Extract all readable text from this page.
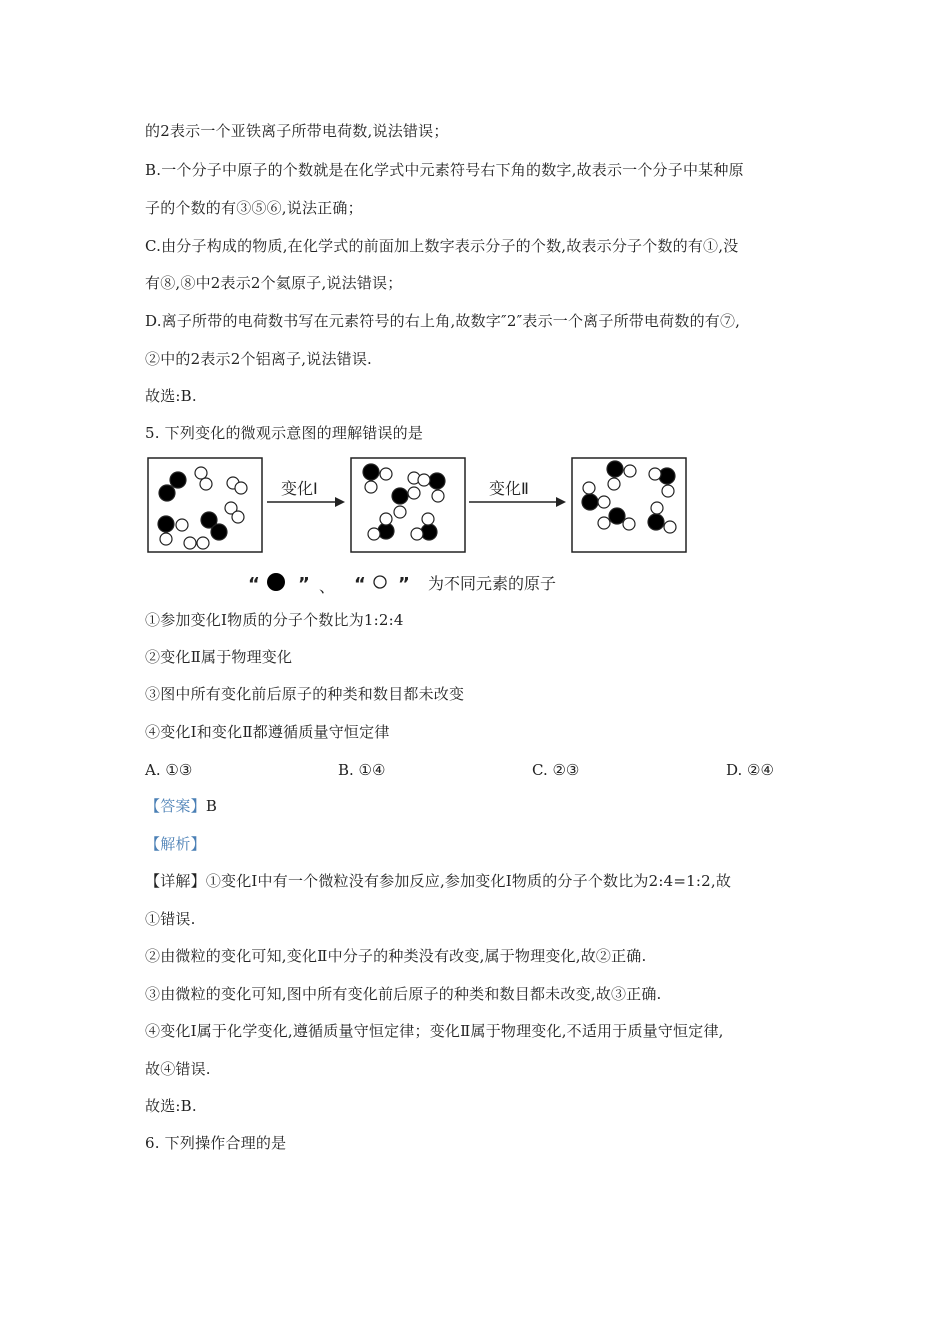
的2表示一个亚铁离子所带电荷数,说法错误；
B.一个分子中原子的个数就是在化学式中元素符号右下角的数字,故表示一个分子中某种原
子的个数的有③⑤⑥,说法正确；
C.由分子构成的物质,在化学式的前面加上数字表示分子的个数,故表示分子个数的有①,没
有⑧,⑧中2表示2个氦原子,说法错误；
D.离子所带的电荷数书写在元素符号的右上角,故数字″2″表示一个离子所带电荷数的有⑦,
②中的2表示2个铝离子,说法错误.
故选:B.
5. 下列变化的微观示意图的理解错误的是
变化Ⅰ	变化Ⅱ
“ ” 、 “ ” 为不同元素的原子
①参加变化Ⅰ物质的分子个数比为1:2:4
②变化Ⅱ属于物理变化
③图中所有变化前后原子的种类和数目都未改变
④变化Ⅰ和变化Ⅱ都遵循质量守恒定律
A. ①③	B. ①④	C. ②③	D. ②④
【答案】B
【解析】
【详解】①变化Ⅰ中有一个微粒没有参加反应,参加变化Ⅰ物质的分子个数比为2:4=1:2,故
①错误.
②由微粒的变化可知,变化Ⅱ中分子的种类没有改变,属于物理变化,故②正确.
③由微粒的变化可知,图中所有变化前后原子的种类和数目都未改变,故③正确.
④变化Ⅰ属于化学变化,遵循质量守恒定律；变化Ⅱ属于物理变化,不适用于质量守恒定律,
故④错误.
故选:B.
6. 下列操作合理的是
